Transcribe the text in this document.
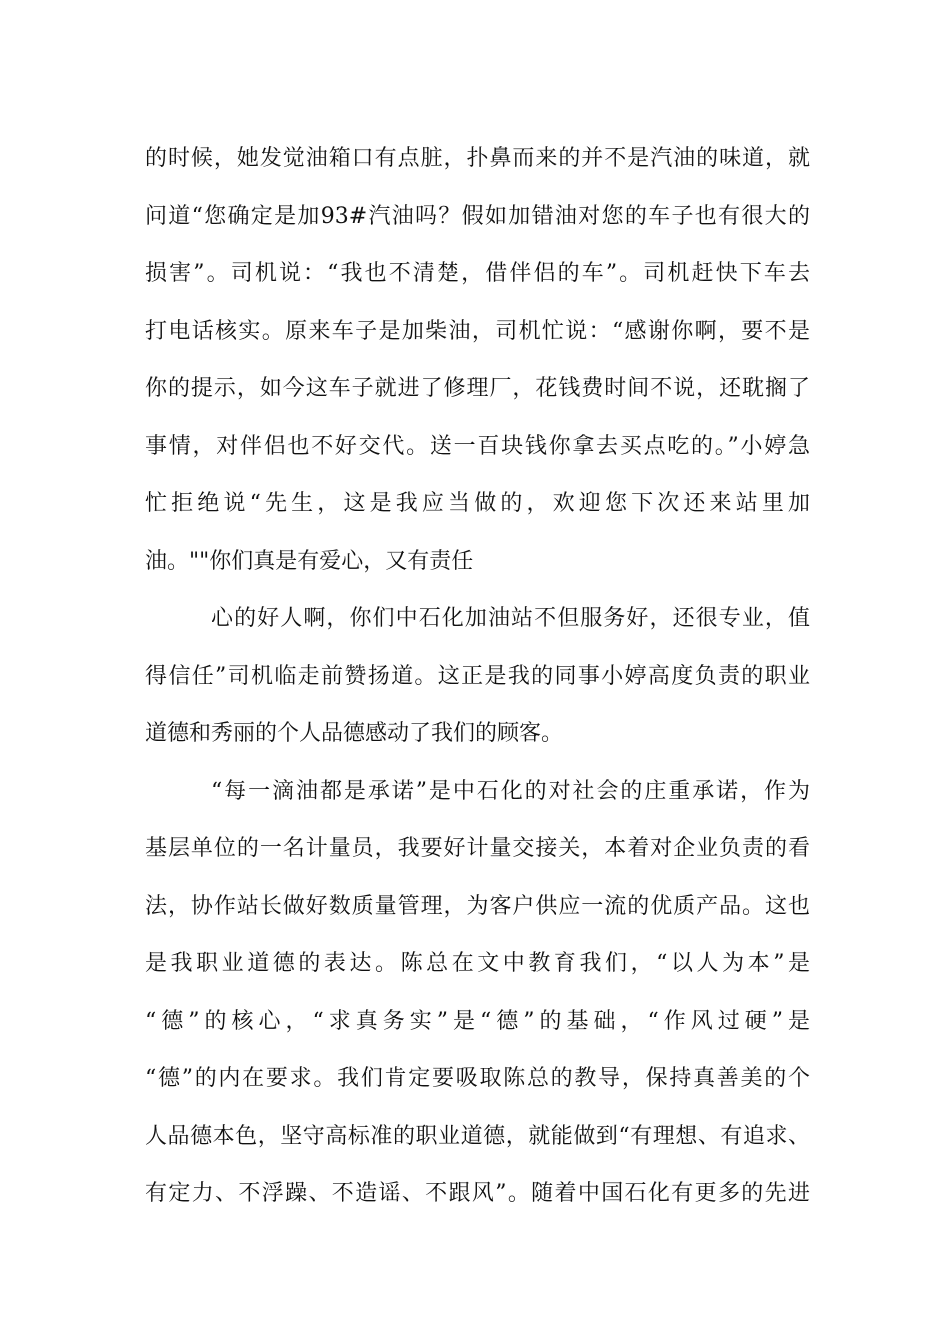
的时候，她发觉油箱口有点脏，扑鼻而来的并不是汽油的味道，就
问道“您确定是加93#汽油吗？假如加错油对您的车子也有很大的
损害”。司机说：“我也不清楚，借伴侣的车”。司机赶快下车去
打电话核实。原来车子是加柴油，司机忙说：“感谢你啊，要不是
你的提示，如今这车子就进了修理厂，花钱费时间不说，还耽搁了
事情，对伴侣也不好交代。送一百块钱你拿去买点吃的。”小婷急
忙拒绝说“先生，这是我应当做的，欢迎您下次还来站里加
油。""你们真是有爱心，又有责任
心的好人啊，你们中石化加油站不但服务好，还很专业，值
得信任”司机临走前赞扬道。这正是我的同事小婷高度负责的职业
道德和秀丽的个人品德感动了我们的顾客。
“每一滴油都是承诺”是中石化的对社会的庄重承诺，作为
基层单位的一名计量员，我要好计量交接关，本着对企业负责的看
法，协作站长做好数质量管理，为客户供应一流的优质产品。这也
是我职业道德的表达。陈总在文中教育我们，“以人为本”是
“德”的核心，“求真务实”是“德”的基础，“作风过硬”是
“德”的内在要求。我们肯定要吸取陈总的教导，保持真善美的个
人品德本色，坚守高标准的职业道德，就能做到“有理想、有追求、
有定力、不浮躁、不造谣、不跟风”。随着中国石化有更多的先进
